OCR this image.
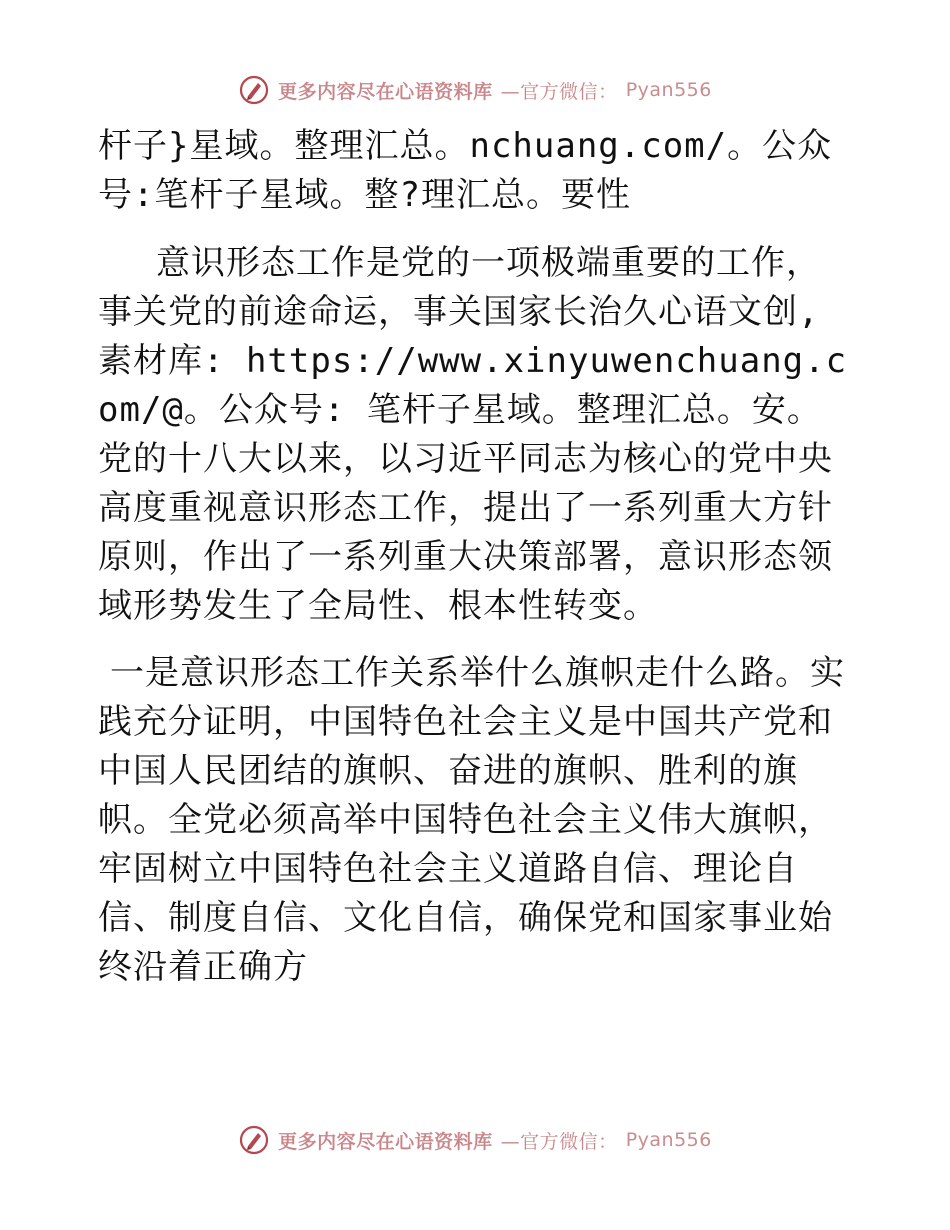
更多内容尽在心语资料库 —官方微信： Pyan556

杆子}星域。整理汇总。nchuang.com/。公众号:笔杆子星域。整?理汇总。要性

意识形态工作是党的一项极端重要的工作，事关党的前途命运，事关国家长治久心语文创,素材库: https://www.xinyuwenchuang.com/@。公众号: 笔杆子星域。整理汇总。安。党的十八大以来，以习近平同志为核心的党中央高度重视意识形态工作，提出了一系列重大方针原则，作出了一系列重大决策部署，意识形态领域形势发生了全局性、根本性转变。

一是意识形态工作关系举什么旗帜走什么路。实践充分证明，中国特色社会主义是中国共产党和中国人民团结的旗帜、奋进的旗帜、胜利的旗帜。全党必须高举中国特色社会主义伟大旗帜，牢固树立中国特色社会主义道路自信、理论自信、制度自信、文化自信，确保党和国家事业始终沿着正确方

更多内容尽在心语资料库 —官方微信： Pyan556
